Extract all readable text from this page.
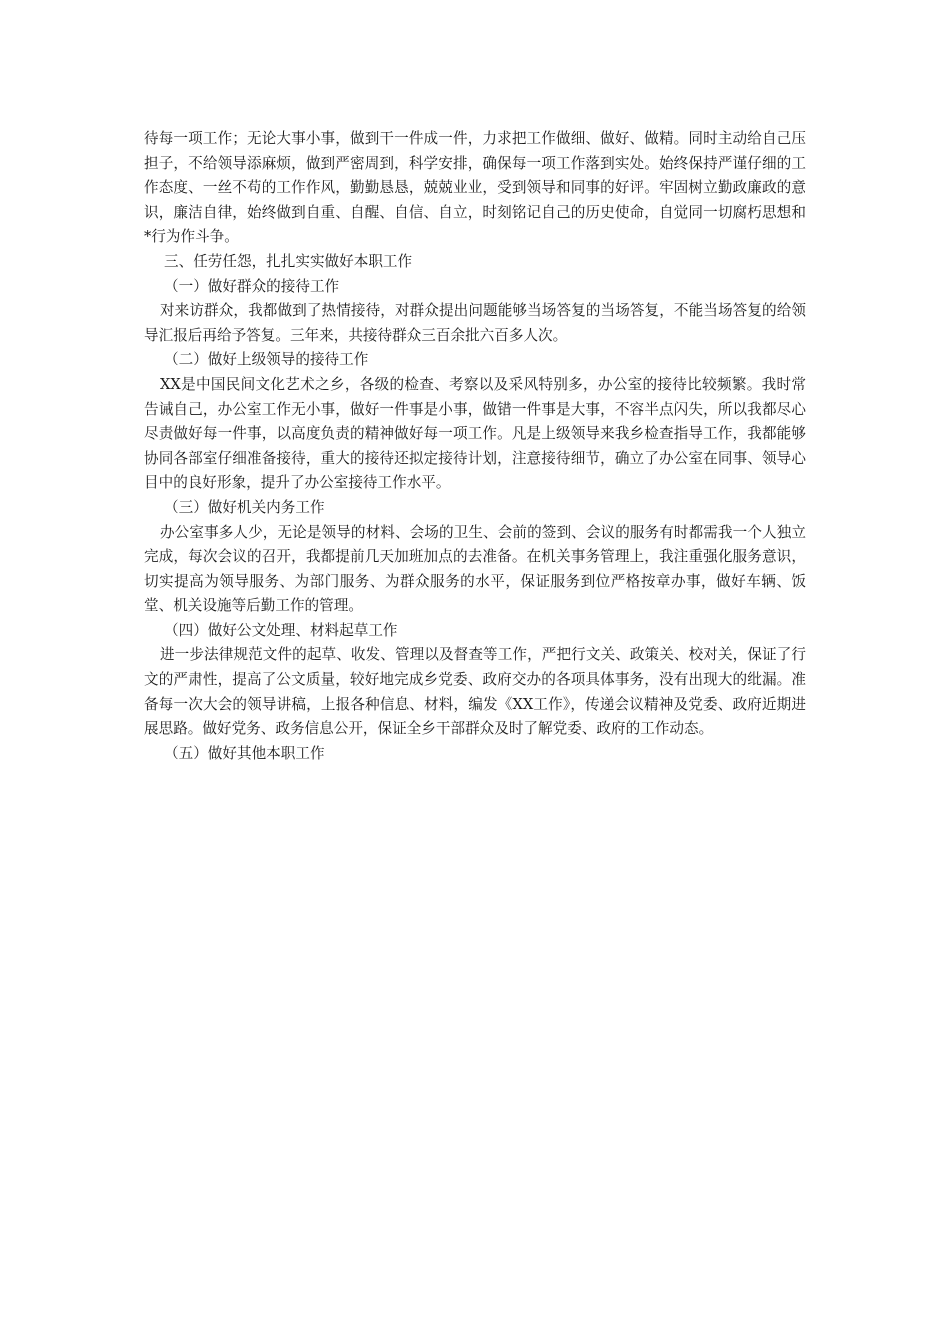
待每一项工作；无论大事小事，做到干一件成一件，力求把工作做细、做好、做精。同时主动给自己压担子，不给领导添麻烦，做到严密周到，科学安排，确保每一项工作落到实处。始终保持严谨仔细的工作态度、一丝不苟的工作作风，勤勤恳恳，兢兢业业，受到领导和同事的好评。牢固树立勤政廉政的意识，廉洁自律，始终做到自重、自醒、自信、自立，时刻铭记自己的历史使命，自觉同一切腐朽思想和*行为作斗争。

三、任劳任怨，扎扎实实做好本职工作

（一）做好群众的接待工作

对来访群众，我都做到了热情接待，对群众提出问题能够当场答复的当场答复，不能当场答复的给领导汇报后再给予答复。三年来，共接待群众三百余批六百多人次。

（二）做好上级领导的接待工作

XX是中国民间文化艺术之乡，各级的检查、考察以及采风特别多，办公室的接待比较频繁。我时常告诫自己，办公室工作无小事，做好一件事是小事，做错一件事是大事，不容半点闪失，所以我都尽心尽责做好每一件事，以高度负责的精神做好每一项工作。凡是上级领导来我乡检查指导工作，我都能够协同各部室仔细准备接待，重大的接待还拟定接待计划，注意接待细节，确立了办公室在同事、领导心目中的良好形象，提升了办公室接待工作水平。

（三）做好机关内务工作

办公室事多人少，无论是领导的材料、会场的卫生、会前的签到、会议的服务有时都需我一个人独立完成，每次会议的召开，我都提前几天加班加点的去准备。在机关事务管理上，我注重强化服务意识，切实提高为领导服务、为部门服务、为群众服务的水平，保证服务到位严格按章办事，做好车辆、饭堂、机关设施等后勤工作的管理。

（四）做好公文处理、材料起草工作

进一步法律规范文件的起草、收发、管理以及督查等工作，严把行文关、政策关、校对关，保证了行文的严肃性，提高了公文质量，较好地完成乡党委、政府交办的各项具体事务，没有出现大的纰漏。准备每一次大会的领导讲稿，上报各种信息、材料，编发《XX工作》，传递会议精神及党委、政府近期进展思路。做好党务、政务信息公开，保证全乡干部群众及时了解党委、政府的工作动态。

（五）做好其他本职工作
